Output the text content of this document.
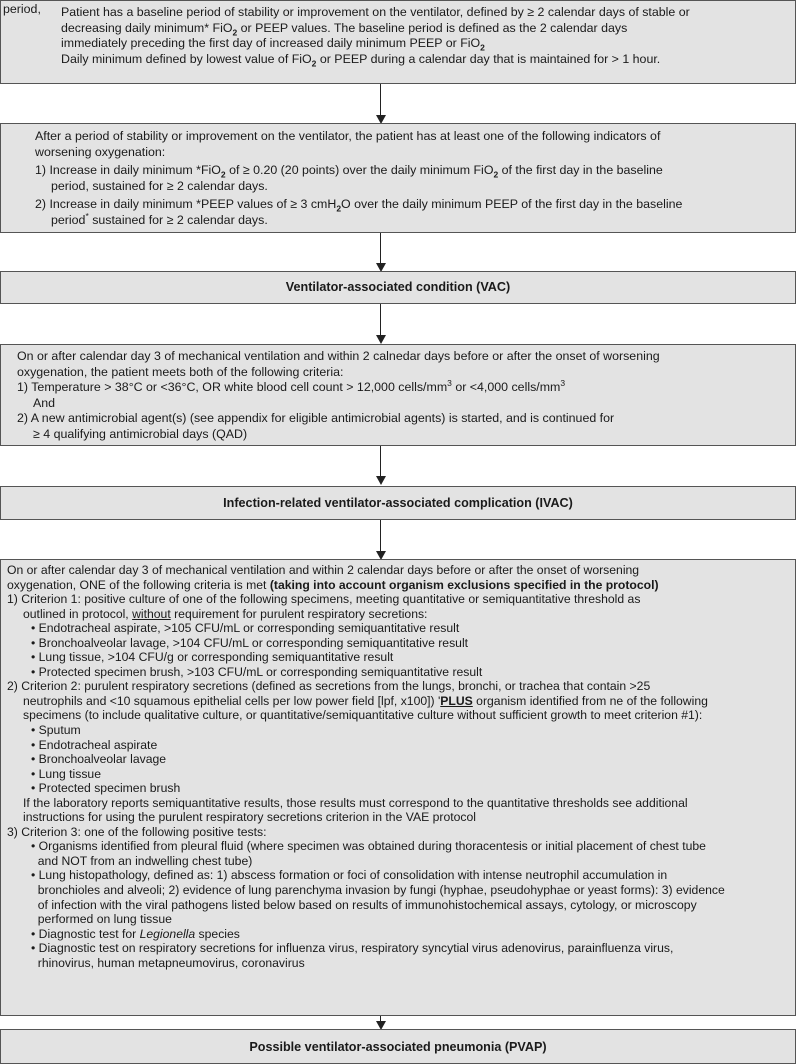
period, Patient has a baseline period of stability or improvement on the ventilator, defined by ≥ 2 calendar days of stable or
decreasing daily minimum* FiO$_2$ or PEEP values. The baseline period is defined as the 2 calendar days
immediately preceding the first day of increased daily minimum PEEP or FiO$_2$
Daily minimum defined by lowest value of FiO$_2$ or PEEP during a calendar day that is maintained for > 1 hour.
After a period of stability or improvement on the ventilator, the patient has at least one of the following indicators of
worsening oxygenation:
1) Increase in daily minimum *FiO$_2$ of ≥ 0.20 (20 points) over the daily minimum FiO$_2$ of the first day in the baseline
period, sustained for ≥ 2 calendar days.
2) Increase in daily minimum *PEEP values of ≥ 3 cmH$_2$O over the daily minimum PEEP of the first day in the baseline
period* sustained for ≥ 2 calendar days.
Ventilator-associated condition (VAC)
On or after calendar day 3 of mechanical ventilation and within 2 calnedar days before or after the onset of worsening
oxygenation, the patient meets both of the following criteria:
1) Temperature > 38°C or <36°C, OR white blood cell count > 12,000 cells/$mm^3$ or <4,000 cells/$mm^3$
And
2) A new antimicrobial agent(s) (see appendix for eligible antimicrobial agents) is started, and is continued for
≥ 4 qualifying antimicrobial days (QAD)
Infection-related ventilator-associated complication (IVAC)
On or after calendar day 3 of mechanical ventilation and within 2 calendar days before or after the onset of worsening
oxygenation, ONE of the following criteria is met (taking into account organism exclusions specified in the protocol)
1) Criterion 1: positive culture of one of the following specimens, meeting quantitative or semiquantitative threshold as
outlined in protocol, without requirement for purulent respiratory secretions:
• Endotracheal aspirate, >105 CFU/mL or corresponding semiquantitative result
• Bronchoalveolar lavage, >104 CFU/mL or corresponding semiquantitative result
• Lung tissue, >104 CFU/g or corresponding semiquantitative result
• Protected specimen brush, >103 CFU/mL or corresponding semiquantitative result
2) Criterion 2: purulent respiratory secretions (defined as secretions from the lungs, bronchi, or trachea that contain >25
neutrophils and <10 squamous epithelial cells per low power field [lpf, x100]) 'PLUS organism identified from ne of the following
specimens (to include qualitative culture, or quantitative/semiquantitative culture without sufficient growth to meet criterion #1):
• Sputum
• Endotracheal aspirate
• Bronchoalveolar lavage
• Lung tissue
• Protected specimen brush
If the laboratory reports semiquantitative results, those results must correspond to the quantitative thresholds see additional
instructions for using the purulent respiratory secretions criterion in the VAE protocol
3) Criterion 3: one of the following positive tests:
• Organisms identified from pleural fluid (where specimen was obtained during thoracentesis or initial placement of chest tube
and NOT from an indwelling chest tube)
• Lung histopathology, defined as: 1) abscess formation or foci of consolidation with intense neutrophil accumulation in
bronchioles and alveoli; 2) evidence of lung parenchyma invasion by fungi (hyphae, pseudohyphae or yeast forms): 3) evidence
of infection with the viral pathogens listed below based on results of immunohistochemical assays, cytology, or microscopy
performed on lung tissue
• Diagnostic test for Legionella species
• Diagnostic test on respiratory secretions for influenza virus, respiratory syncytial virus adenovirus, parainfluenza virus,
rhinovirus, human metapneumovirus, coronavirus
Possible ventilator-associated pneumonia (PVAP)
